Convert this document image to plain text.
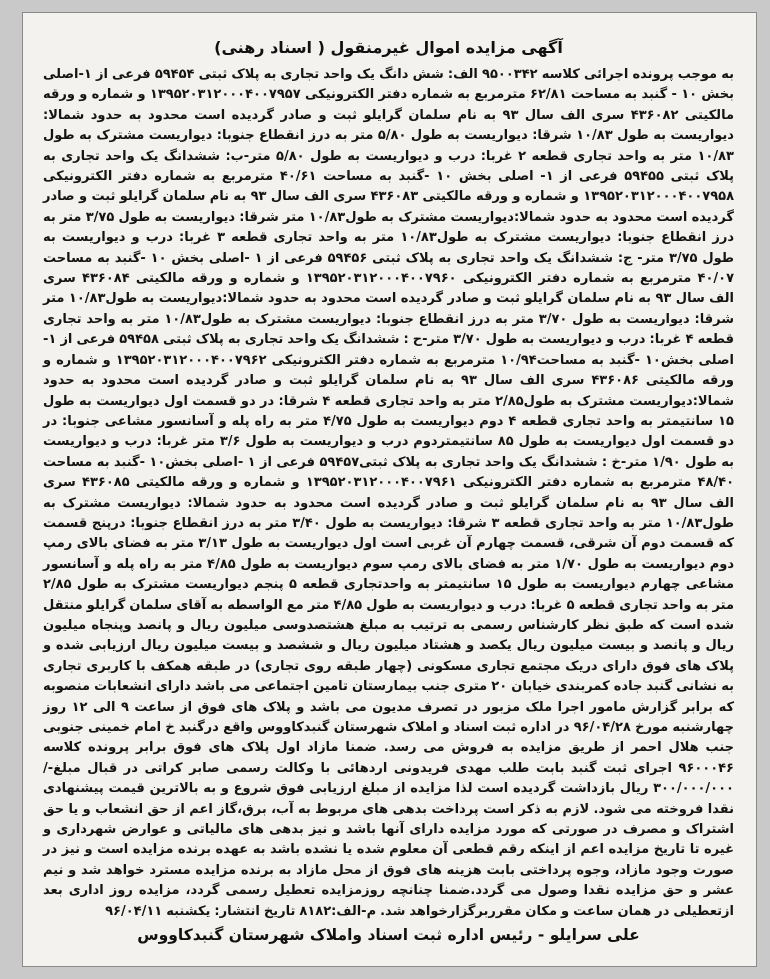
آگهی مزایده اموال غیرمنقول ( اسناد رهنی)

به موجب پرونده اجرائی کلاسه ۹۵۰۰۳۴۲ الف: شش دانگ یک واحد تجاری به پلاک ثبتی ۵۹۴۵۴ فرعی از ۱-اصلی بخش ۱۰ - گنبد به مساحت ۶۲/۸۱ مترمربع به شماره دفتر الکترونیکی ۱۳۹۵۲۰۳۱۲۰۰۰۴۰۰۷۹۵۷ و شماره و ورقه مالکیتی ۴۳۶۰۸۲ سری الف سال ۹۳ به نام سلمان گرایلو ثبت و صادر گردیده است محدود به حدود شمالا: دیواریست به طول ۱۰/۸۳ شرقا: دیواریست به طول ۵/۸۰ متر به درز انقطاع جنوبا: دیواریست مشترک به طول ۱۰/۸۳ متر به واحد تجاری قطعه ۲ غربا: درب و دیواریست به طول ۵/۸۰ متر-ب: ششدانگ یک واحد تجاری به پلاک ثبتی ۵۹۴۵۵ فرعی از ۱- اصلی بخش ۱۰ -گنبد به مساحت ۴۰/۶۱ مترمربع به شماره دفتر الکترونیکی ۱۳۹۵۲۰۳۱۲۰۰۰۴۰۰۷۹۵۸ و شماره و ورقه مالکیتی ۴۳۶۰۸۳ سری الف سال ۹۳ به نام سلمان گرایلو ثبت و صادر گردیده است محدود به حدود شمالا:دیواریست مشترک به طول۱۰/۸۳ متر شرقا: دیواریست به طول ۳/۷۵ متر به درز انقطاع جنوبا: دیواریست مشترک به طول۱۰/۸۳ متر به واحد تجاری قطعه ۳ غربا: درب و دیواریست به طول ۳/۷۵ متر- ج: ششدانگ یک واحد تجاری به پلاک ثبتی ۵۹۴۵۶ فرعی از ۱ -اصلی بخش ۱۰ -گنبد به مساحت ۴۰/۰۷ مترمربع به شماره دفتر الکترونیکی ۱۳۹۵۲۰۳۱۲۰۰۰۴۰۰۷۹۶۰ و شماره و ورقه مالکیتی ۴۳۶۰۸۴ سری الف سال ۹۳ به نام سلمان گرایلو ثبت و صادر گردیده است محدود به حدود شمالا:دیواریست به طول۱۰/۸۳ متر شرقا: دیواریست به طول ۳/۷۰ متر به درز انقطاع جنوبا: دیواریست مشترک به طول۱۰/۸۳ متر به واحد تجاری قطعه ۴ غربا: درب و دیواریست به طول ۳/۷۰ متر-ح : ششدانگ یک واحد تجاری به پلاک ثبتی ۵۹۴۵۸ فرعی از ۱-اصلی بخش۱۰ -گنبد به مساحت۱۰/۹۴ مترمربع به شماره دفتر الکترونیکی ۱۳۹۵۲۰۳۱۲۰۰۰۴۰۰۷۹۶۲ و شماره و ورقه مالکیتی ۴۳۶۰۸۶ سری الف سال ۹۳ به نام سلمان گرایلو ثبت و صادر گردیده است محدود به حدود شمالا:دیواریست مشترک به طول۲/۸۵ متر به واحد تجاری قطعه ۴ شرقا: در دو قسمت اول دیواریست به طول ۱۵ سانتیمتر به واحد تجاری قطعه ۴ دوم دیواریست به طول ۴/۷۵ متر به راه پله و آسانسور مشاعی جنوبا: در دو قسمت اول دیواریست به طول ۸۵ سانتیمتردوم درب و دیواریست به طول ۳/۶ متر غربا: درب و دیواریست به طول ۱/۹۰ متر-خ : ششدانگ یک واحد تجاری به پلاک ثبتی۵۹۴۵۷ فرعی از ۱ -اصلی بخش۱۰ -گنبد به مساحت ۴۸/۴۰ مترمربع به شماره دفتر الکترونیکی ۱۳۹۵۲۰۳۱۲۰۰۰۴۰۰۷۹۶۱ و شماره و ورقه مالکیتی ۴۳۶۰۸۵ سری الف سال ۹۳ به نام سلمان گرایلو ثبت و صادر گردیده است محدود به حدود شمالا: دیواریست مشترک به طول۱۰/۸۳ متر به واحد تجاری قطعه ۳ شرقا: دیواریست به طول ۳/۴۰ متر به درز انقطاع جنوبا: درپنج قسمت که قسمت دوم آن شرقی، قسمت چهارم آن غربی است اول دیواریست به طول ۳/۱۳ متر به فضای بالای رمپ دوم دیواریست به طول ۱/۷۰ متر به فضای بالای رمپ سوم دیواریست به طول ۴/۸۵ متر به راه پله و آسانسور مشاعی چهارم دیواریست به طول ۱۵ سانتیمتر به واحدتجاری قطعه ۵ پنجم دیواریست مشترک به طول ۲/۸۵ متر به واحد تجاری قطعه ۵ غربا: درب و دیواریست به طول ۴/۸۵ متر مع الواسطه به آقای سلمان گرایلو منتقل شده است که طبق نظر کارشناس رسمی به ترتیب به مبلغ هشتصدوسی میلیون ریال و پانصد وپنجاه میلیون ریال و پانصد و بیست میلیون ریال یکصد و هشتاد میلیون ریال و ششصد و بیست میلیون ریال ارزیابی شده و پلاک های فوق دارای دریک مجتمع تجاری مسکونی (چهار طبقه روی تجاری) در طبقه همکف با کاربری تجاری به نشانی گنبد جاده کمربندی خیابان ۲۰ متری جنب بیمارستان تامین اجتماعی می باشد دارای انشعابات منصوبه که برابر گزارش مامور اجرا ملک مزبور در تصرف مدیون می باشد و پلاک های فوق از ساعت ۹ الی ۱۲ روز چهارشنبه مورخ ۹۶/۰۴/۲۸ در اداره ثبت اسناد و املاک شهرستان گنبدکاووس واقع درگنبد خ امام خمینی جنوبی جنب هلال احمر از طریق مزایده به فروش می رسد. ضمنا مازاد اول پلاک های فوق برابر پرونده کلاسه ۹۶۰۰۰۴۶ اجرای ثبت گنبد بابت طلب مهدی فریدونی اردهائی با وکالت رسمی صابر کراتی در قبال مبلغ-/۳۰۰/۰۰۰/۰۰۰ ریال بازداشت گردیده است لذا مزایده از مبلغ ارزیابی فوق شروع و به بالاترین قیمت پیشنهادی نقدا فروخته می شود. لازم به ذکر است پرداخت بدهی های مربوط به آب، برق،گاز اعم از حق انشعاب و یا حق اشتراک و مصرف در صورتی که مورد مزایده دارای آنها باشد و نیز بدهی های مالیاتی و عوارض شهرداری و غیره تا تاریخ مزایده اعم از اینکه رقم قطعی آن معلوم شده یا نشده باشد به عهده برنده مزایده است و نیز در صورت وجود مازاد، وجوه پرداختی بابت هزینه های فوق از محل مازاد به برنده مزایده مسترد خواهد شد و نیم عشر و حق مزایده نقدا وصول می گردد.ضمنا چنانچه روزمزایده تعطیل رسمی گردد، مزایده روز اداری بعد ازتعطیلی در همان ساعت و مکان مقرربرگزارخواهد شد. م-الف:۸۱۸۲ تاریخ انتشار: یکشنبه ۹۶/۰۴/۱۱

علی سرایلو - رئیس اداره ثبت اسناد واملاک شهرستان گنبدکاووس
